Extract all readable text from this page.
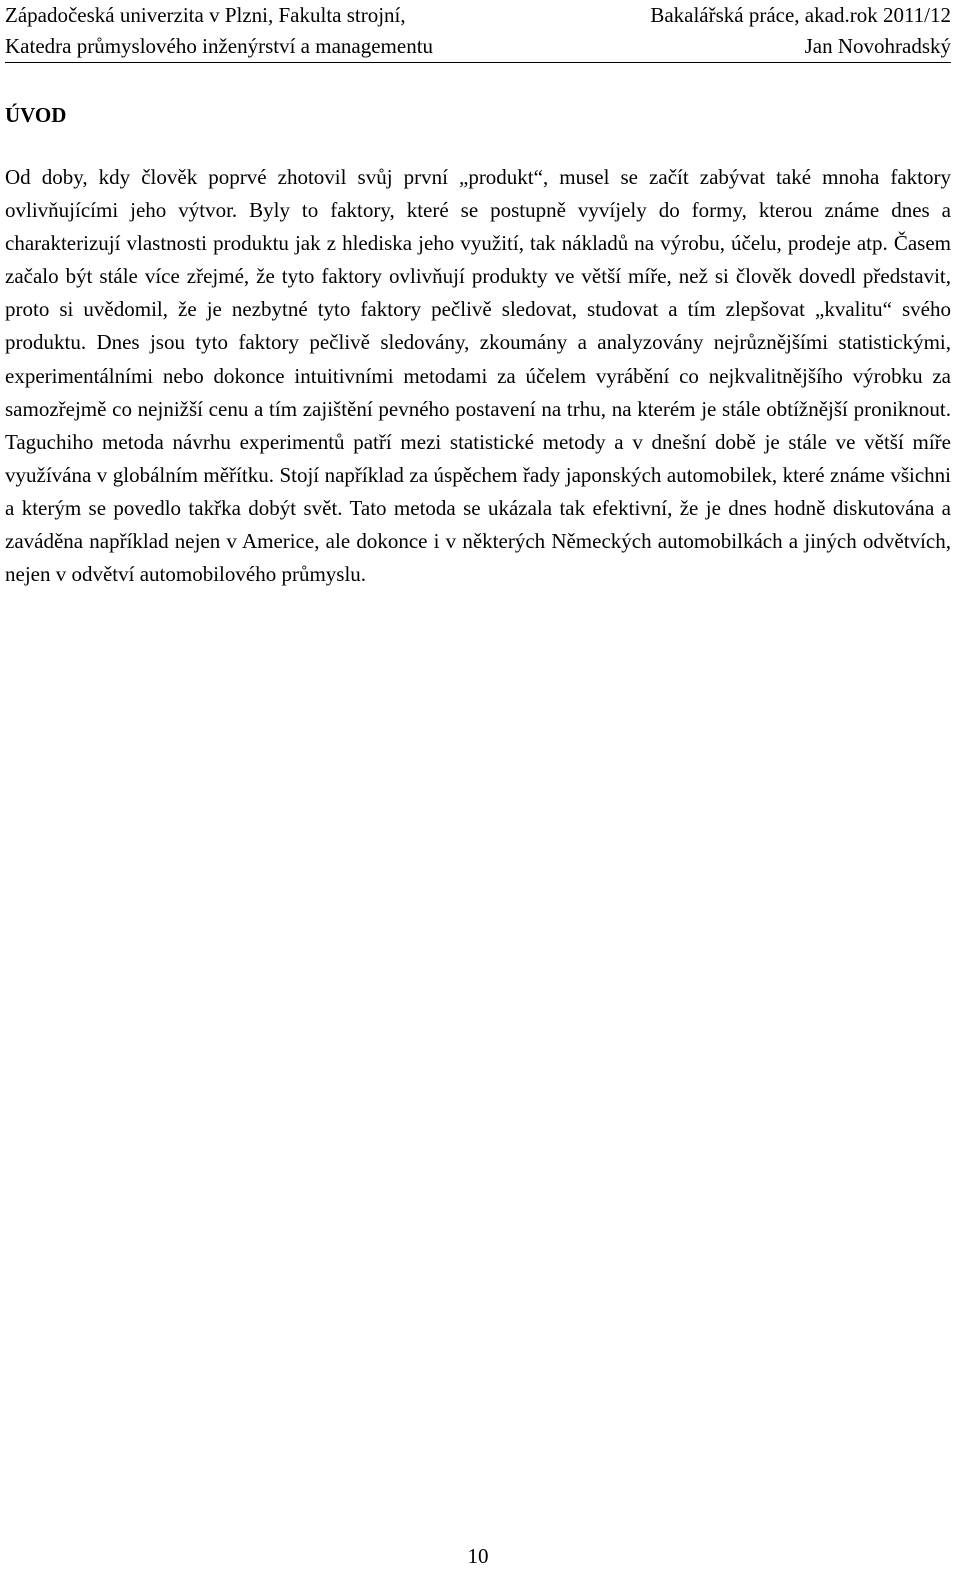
Západočeská univerzita v Plzni, Fakulta strojní,	Bakalářská práce, akad.rok 2011/12
Katedra průmyslového inženýrství a managementu	Jan Novohradský
ÚVOD

Od doby, kdy člověk poprvé zhotovil svůj první „produkt“, musel se začít zabývat také mnoha faktory ovlivňujícími jeho výtvor. Byly to faktory, které se postupně vyvíjely do formy, kterou známe dnes a charakterizují vlastnosti produktu jak z hlediska jeho využití, tak nákladů na výrobu, účelu, prodeje atp. Časem začalo být stále více zřejmé, že tyto faktory ovlivňují produkty ve větší míře, než si člověk dovedl představit, proto si uvědomil, že je nezbytné tyto faktory pečlivě sledovat, studovat a tím zlepšovat „kvalitu“ svého produktu. Dnes jsou tyto faktory pečlivě sledovány, zkoumány a analyzovány nejrůznějšími statistickými, experimentálními nebo dokonce intuitivními metodami za účelem vyrábění co nejkvalitnějšího výrobku za samozřejmě co nejnižší cenu a tím zajištění pevného postavení na trhu, na kterém je stále obtížnější proniknout. Taguchiho metoda návrhu experimentů patří mezi statistické metody a v dnešní době je stále ve větší míře využívána v globálním měřítku. Stojí například za úspěchem řady japonských automobilek, které známe všichni a kterým se povedlo takřka dobýt svět. Tato metoda se ukázala tak efektivní, že je dnes hodně diskutována a zaváděna například nejen v Americe, ale dokonce i v některých Německých automobilkách a jiných odvětvích, nejen v odvětví automobilového průmyslu.

10
